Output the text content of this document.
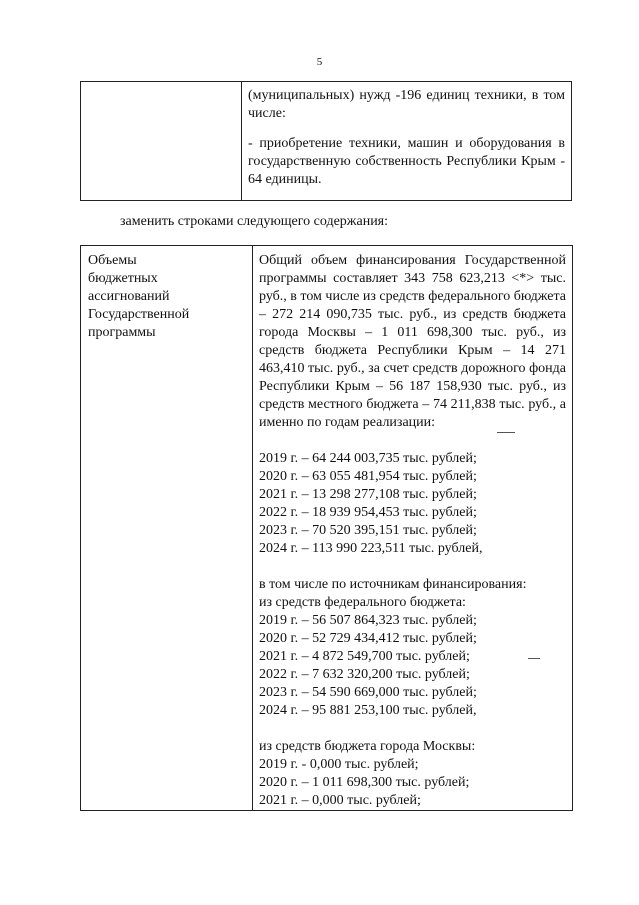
5

(муниципальных) нужд -196 единиц техники, в том числе:
- приобретение техники, машин и оборудования в государственную собственность Республики Крым - 64 единицы.
заменить строками следующего содержания:
Объемы бюджетных ассигнований Государственной программы

Общий объем финансирования Государственной программы составляет 343 758 623,213 <*> тыс. руб., в том числе из средств федерального бюджета – 272 214 090,735 тыс. руб., из средств бюджета города Москвы – 1 011 698,300 тыс. руб., из средств бюджета Республики Крым – 14 271 463,410 тыс. руб., за счет средств дорожного фонда Республики Крым – 56 187 158,930 тыс. руб., из средств местного бюджета – 74 211,838 тыс. руб., а именно по годам реализации:
2019 г. – 64 244 003,735 тыс. рублей;
2020 г. – 63 055 481,954 тыс. рублей;
2021 г. – 13 298 277,108 тыс. рублей;
2022 г. – 18 939 954,453 тыс. рублей;
2023 г. – 70 520 395,151 тыс. рублей;
2024 г. – 113 990 223,511 тыс. рублей,
в том числе по источникам финансирования:
из средств федерального бюджета:
2019 г. – 56 507 864,323 тыс. рублей;
2020 г. – 52 729 434,412 тыс. рублей;
2021 г. – 4 872 549,700 тыс. рублей;
2022 г. – 7 632 320,200 тыс. рублей;
2023 г. – 54 590 669,000 тыс. рублей;
2024 г. – 95 881 253,100 тыс. рублей,
из средств бюджета города Москвы:
2019 г. - 0,000 тыс. рублей;
2020 г. – 1 011 698,300 тыс. рублей;
2021 г. – 0,000 тыс. рублей;
